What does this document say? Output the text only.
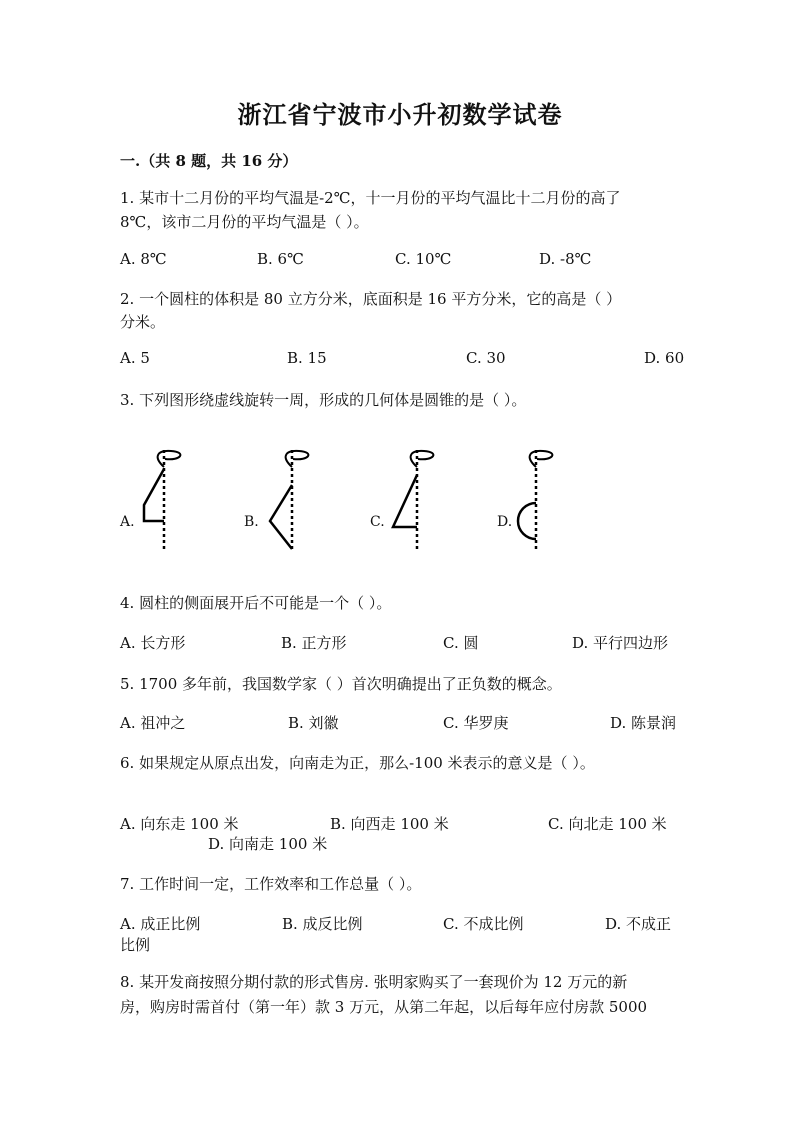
浙江省宁波市小升初数学试卷
一.（共 8 题，共 16 分）
1. 某市十二月份的平均气温是-2℃，十一月份的平均气温比十二月份的高了
8℃，该市二月份的平均气温是（ ）。
A. 8℃	B. 6℃	C. 10℃	D. -8℃
2. 一个圆柱的体积是 80 立方分米，底面积是 16 平方分米，它的高是（ ）
分米。
A. 5	B. 15	C. 30	D. 60
3. 下列图形绕虚线旋转一周，形成的几何体是圆锥的是（ ）。
A.	B.	C.	D.
4. 圆柱的侧面展开后不可能是一个（ ）。
A. 长方形	B. 正方形	C. 圆	D. 平行四边形
5. 1700 多年前，我国数学家（ ）首次明确提出了正负数的概念。
A. 祖冲之	B. 刘徽	C. 华罗庚	D. 陈景润
6. 如果规定从原点出发，向南走为正，那么-100 米表示的意义是（ ）。
A. 向东走 100 米	B. 向西走 100 米	C. 向北走 100 米
D. 向南走 100 米
7. 工作时间一定，工作效率和工作总量（ ）。
A. 成正比例	B. 成反比例	C. 不成比例	D. 不成正
比例
8. 某开发商按照分期付款的形式售房. 张明家购买了一套现价为 12 万元的新
房，购房时需首付（第一年）款 3 万元，从第二年起，以后每年应付房款 5000
